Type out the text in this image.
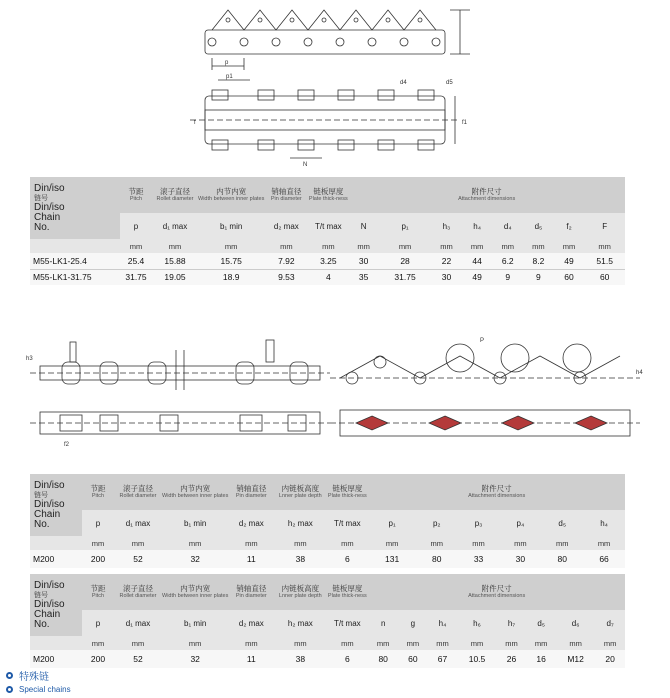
p
p1
N
f
d4	d5
f1
Din/iso

链号
Din/iso
Chain
No.	节距
Pitch	滚子直径
Rollet diameter	内节内宽
Width between inner plates	销轴直径
Pin diameter	链板厚度
Plate thick-ness	附件尺寸
Attachment dimensions							

	p	d₁ max	b₁ min	d₂ max	T/t max	N	p₁	h₃	h₄	d₄	d₅	f₂	F

	mm	mm	mm	mm	mm	mm	mm	mm	mm	mm	mm	mm	mm
M55-LK1-25.4	25.4	15.88	15.75	7.92	3.25	30	28	22	44	6.2	8.2	49	51.5
M55-LK1-31.75	31.75	19.05	18.9	9.53	4	35	31.75	30	49	9	9	60	60
P
h4
h3
f2
Din/iso

链号
Din/iso
Chain
No.	节距
Pitch	滚子直径
Rollet diameter	内节内宽
Width between inner plates	销轴直径
Pin diameter	内链板高度
Lnner plate depth	链板厚度
Plate thick-ness	附件尺寸
Attachment dimensions					

	p	d₁ max	b₁ min	d₂ max	h₂ max	T/t max	p₁	p₂	p₃	p₄	d₅	h₄

	mm	mm	mm	mm	mm	mm	mm	mm	mm	mm	mm	mm
M200	200	52	32	11	38	6	131	80	33	30	80	66
Din/iso

链号
Din/iso
Chain
No.	节距
Pitch	滚子直径
Rollet diameter	内节内宽
Width between inner plates	销轴直径
Pin diameter	内链板高度
Lnner plate depth	链板厚度
Plate thick-ness	附件尺寸
Attachment dimensions							

	p	d₁ max	b₁ min	d₂ max	h₂ max	T/t max	n	g	h₄	h₆	h₇	d₅	d₆	d₇

	mm	mm	mm	mm	mm	mm	mm	mm	mm	mm	mm	mm	mm	mm
M200	200	52	32	11	38	6	80	60	67	10.5	26	16	M12	20
特殊链
Special chains
